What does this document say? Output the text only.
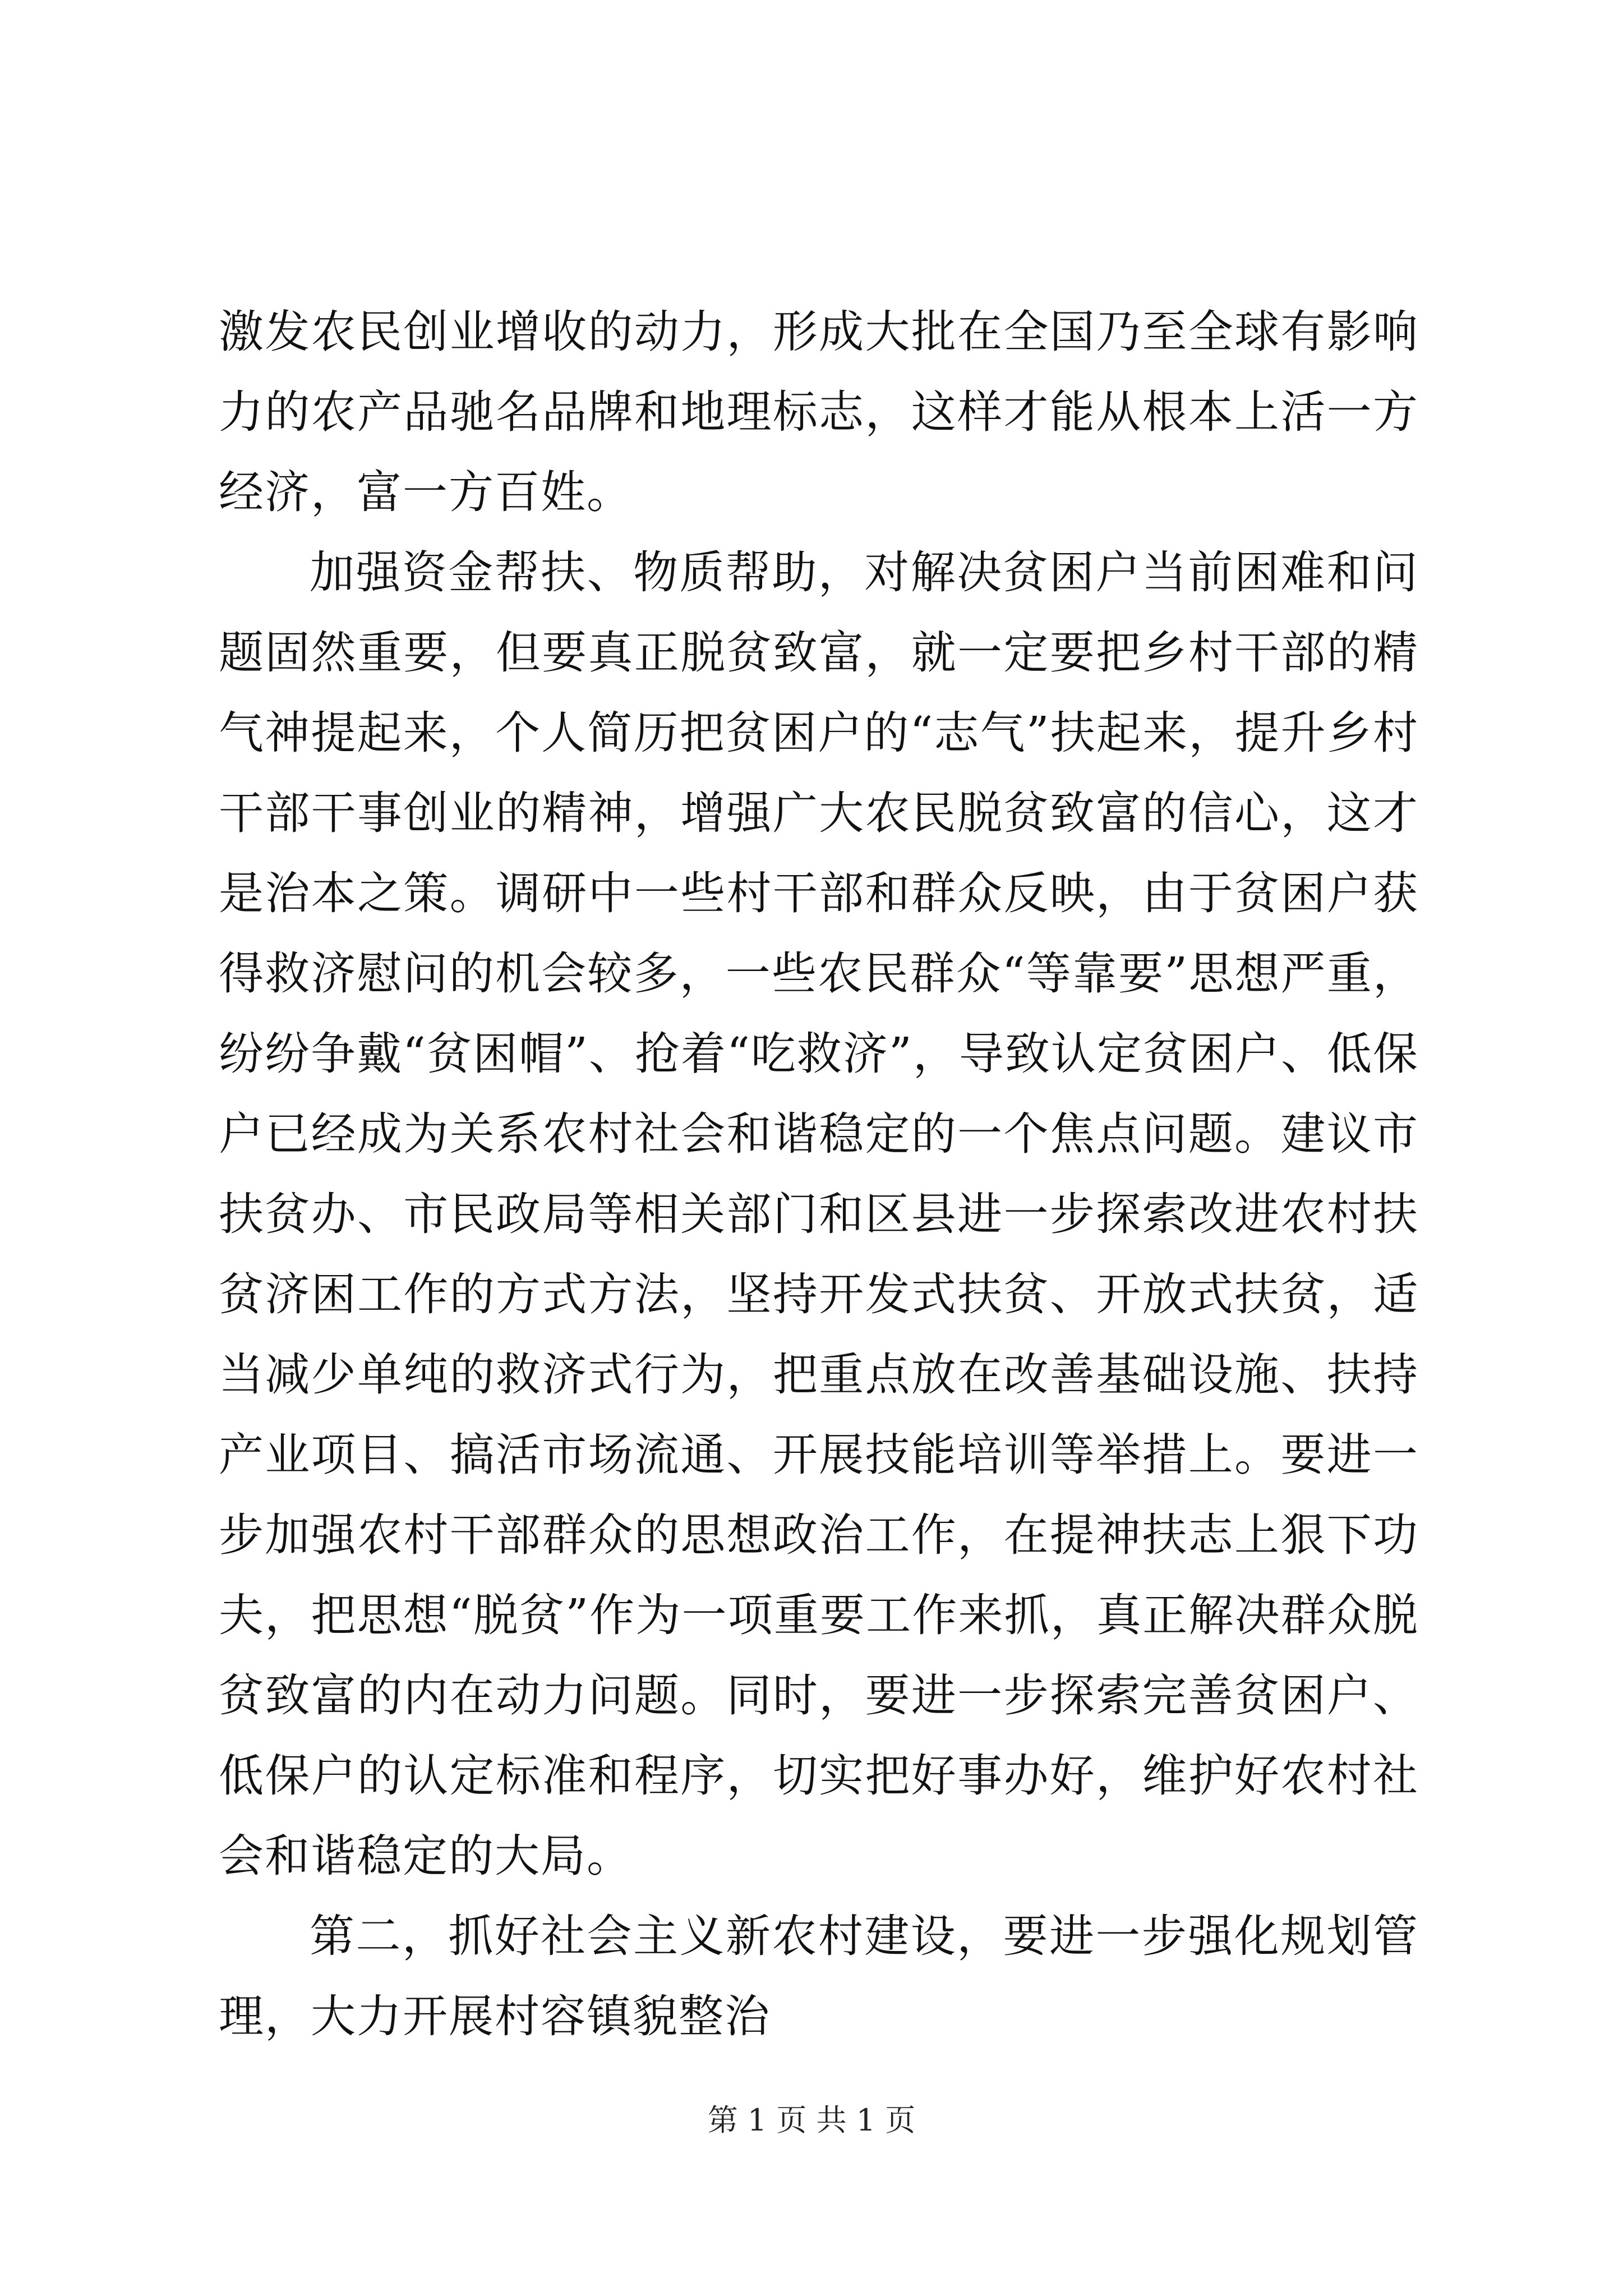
激发农民创业增收的动力，形成大批在全国乃至全球有影响力的农产品驰名品牌和地理标志，这样才能从根本上活一方经济，富一方百姓。

加强资金帮扶、物质帮助，对解决贫困户当前困难和问题固然重要，但要真正脱贫致富，就一定要把乡村干部的精气神提起来，个人简历把贫困户的“志气”扶起来，提升乡村干部干事创业的精神，增强广大农民脱贫致富的信心，这才是治本之策。调研中一些村干部和群众反映，由于贫困户获得救济慰问的机会较多，一些农民群众“等靠要”思想严重，纷纷争戴“贫困帽”、抢着“吃救济”，导致认定贫困户、低保户已经成为关系农村社会和谐稳定的一个焦点问题。建议市扶贫办、市民政局等相关部门和区县进一步探索改进农村扶贫济困工作的方式方法，坚持开发式扶贫、开放式扶贫，适当减少单纯的救济式行为，把重点放在改善基础设施、扶持产业项目、搞活市场流通、开展技能培训等举措上。要进一步加强农村干部群众的思想政治工作，在提神扶志上狠下功夫，把思想“脱贫”作为一项重要工作来抓，真正解决群众脱贫致富的内在动力问题。同时，要进一步探索完善贫困户、低保户的认定标准和程序，切实把好事办好，维护好农村社会和谐稳定的大局。

第二，抓好社会主义新农村建设，要进一步强化规划管理，大力开展村容镇貌整治

第 1 页 共 1 页
